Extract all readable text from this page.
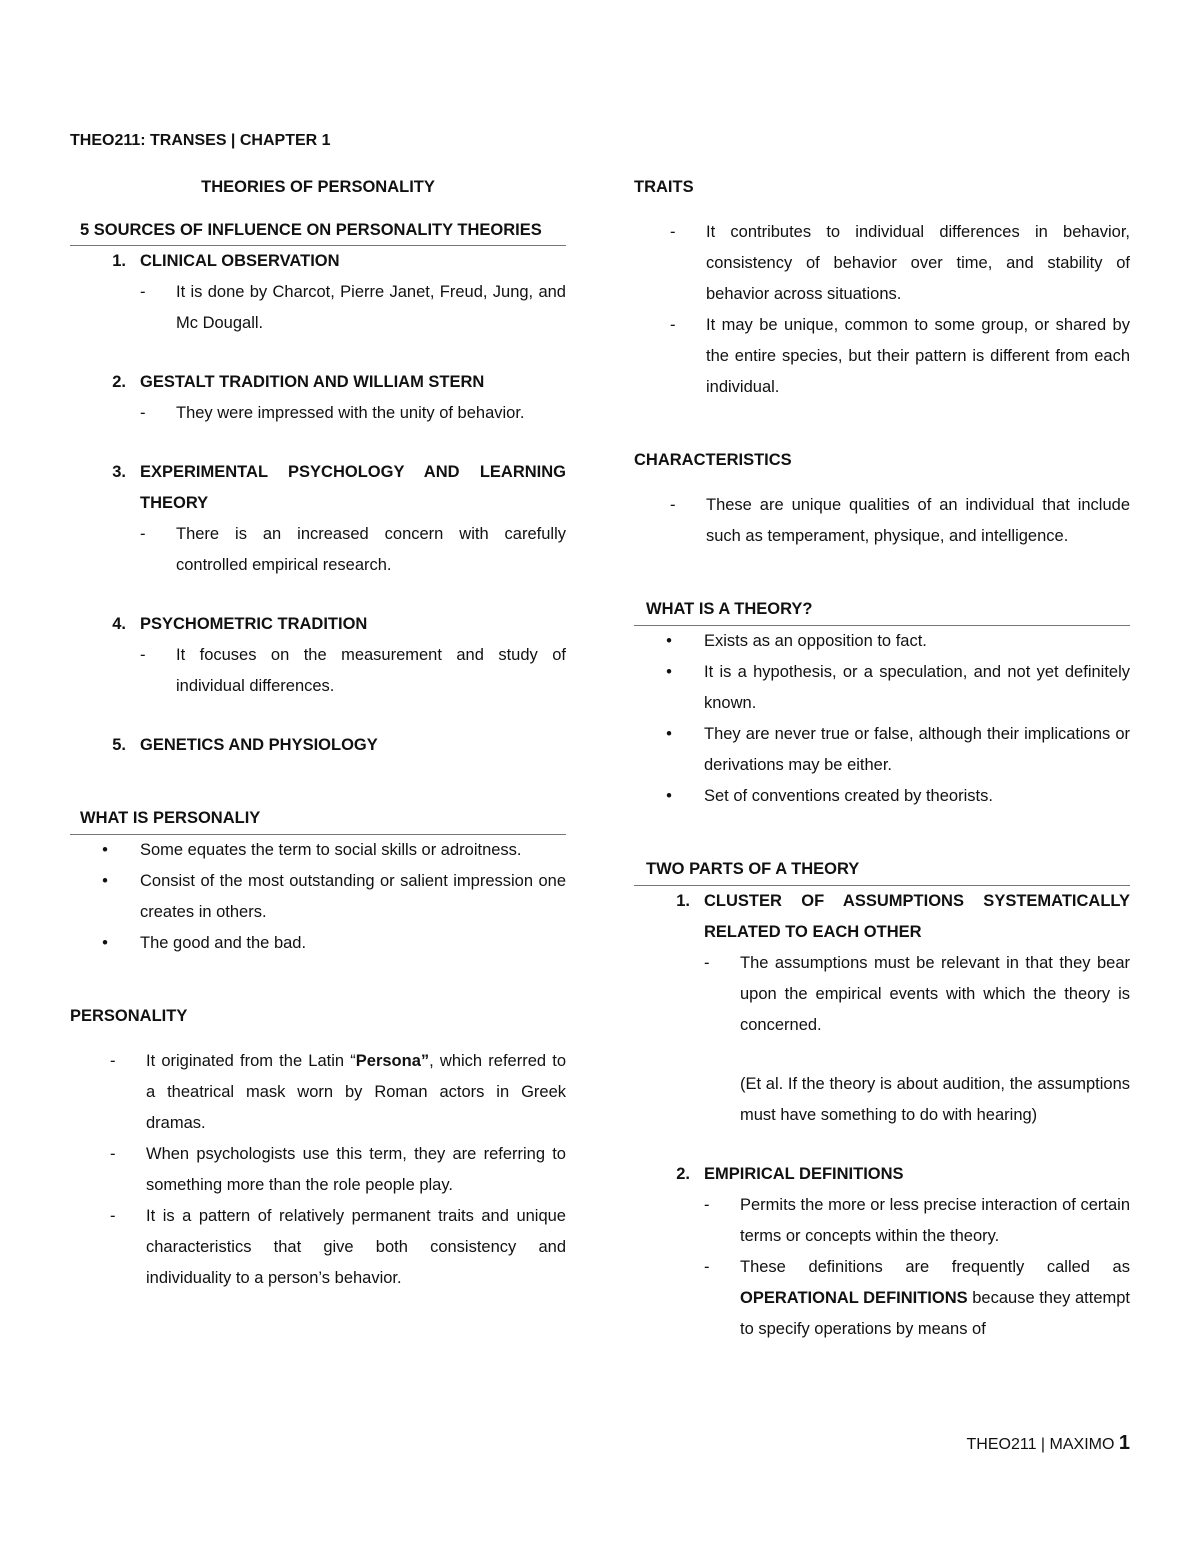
THEO211: TRANSES | CHAPTER 1
THEORIES OF PERSONALITY
5 SOURCES OF INFLUENCE ON PERSONALITY THEORIES
1. CLINICAL OBSERVATION
-	It is done by Charcot, Pierre Janet, Freud, Jung, and Mc Dougall.
2. GESTALT TRADITION AND WILLIAM STERN
-	They were impressed with the unity of behavior.
3. EXPERIMENTAL PSYCHOLOGY AND LEARNING THEORY
-	There is an increased concern with carefully controlled empirical research.
4. PSYCHOMETRIC TRADITION
-	It focuses on the measurement and study of individual differences.
5. GENETICS AND PHYSIOLOGY
WHAT IS PERSONALIY
•	Some equates the term to social skills or adroitness.
•	Consist of the most outstanding or salient impression one creates in others.
•	The good and the bad.
PERSONALITY
-	It originated from the Latin “Persona”, which referred to a theatrical mask worn by Roman actors in Greek dramas.
-	When psychologists use this term, they are referring to something more than the role people play.
-	It is a pattern of relatively permanent traits and unique characteristics that give both consistency and individuality to a person’s behavior.
TRAITS
-	It contributes to individual differences in behavior, consistency of behavior over time, and stability of behavior across situations.
-	It may be unique, common to some group, or shared by the entire species, but their pattern is different from each individual.
CHARACTERISTICS
-	These are unique qualities of an individual that include such as temperament, physique, and intelligence.
WHAT IS A THEORY?
•	Exists as an opposition to fact.
•	It is a hypothesis, or a speculation, and not yet definitely known.
•	They are never true or false, although their implications or derivations may be either.
•	Set of conventions created by theorists.
TWO PARTS OF A THEORY
1. CLUSTER OF ASSUMPTIONS SYSTEMATICALLY RELATED TO EACH OTHER
-	The assumptions must be relevant in that they bear upon the empirical events with which the theory is concerned.
(Et al. If the theory is about audition, the assumptions must have something to do with hearing)
2. EMPIRICAL DEFINITIONS
-	Permits the more or less precise interaction of certain terms or concepts within the theory.
-	These definitions are frequently called as OPERATIONAL DEFINITIONS because they attempt to specify operations by means of
THEO211 | MAXIMO 1
